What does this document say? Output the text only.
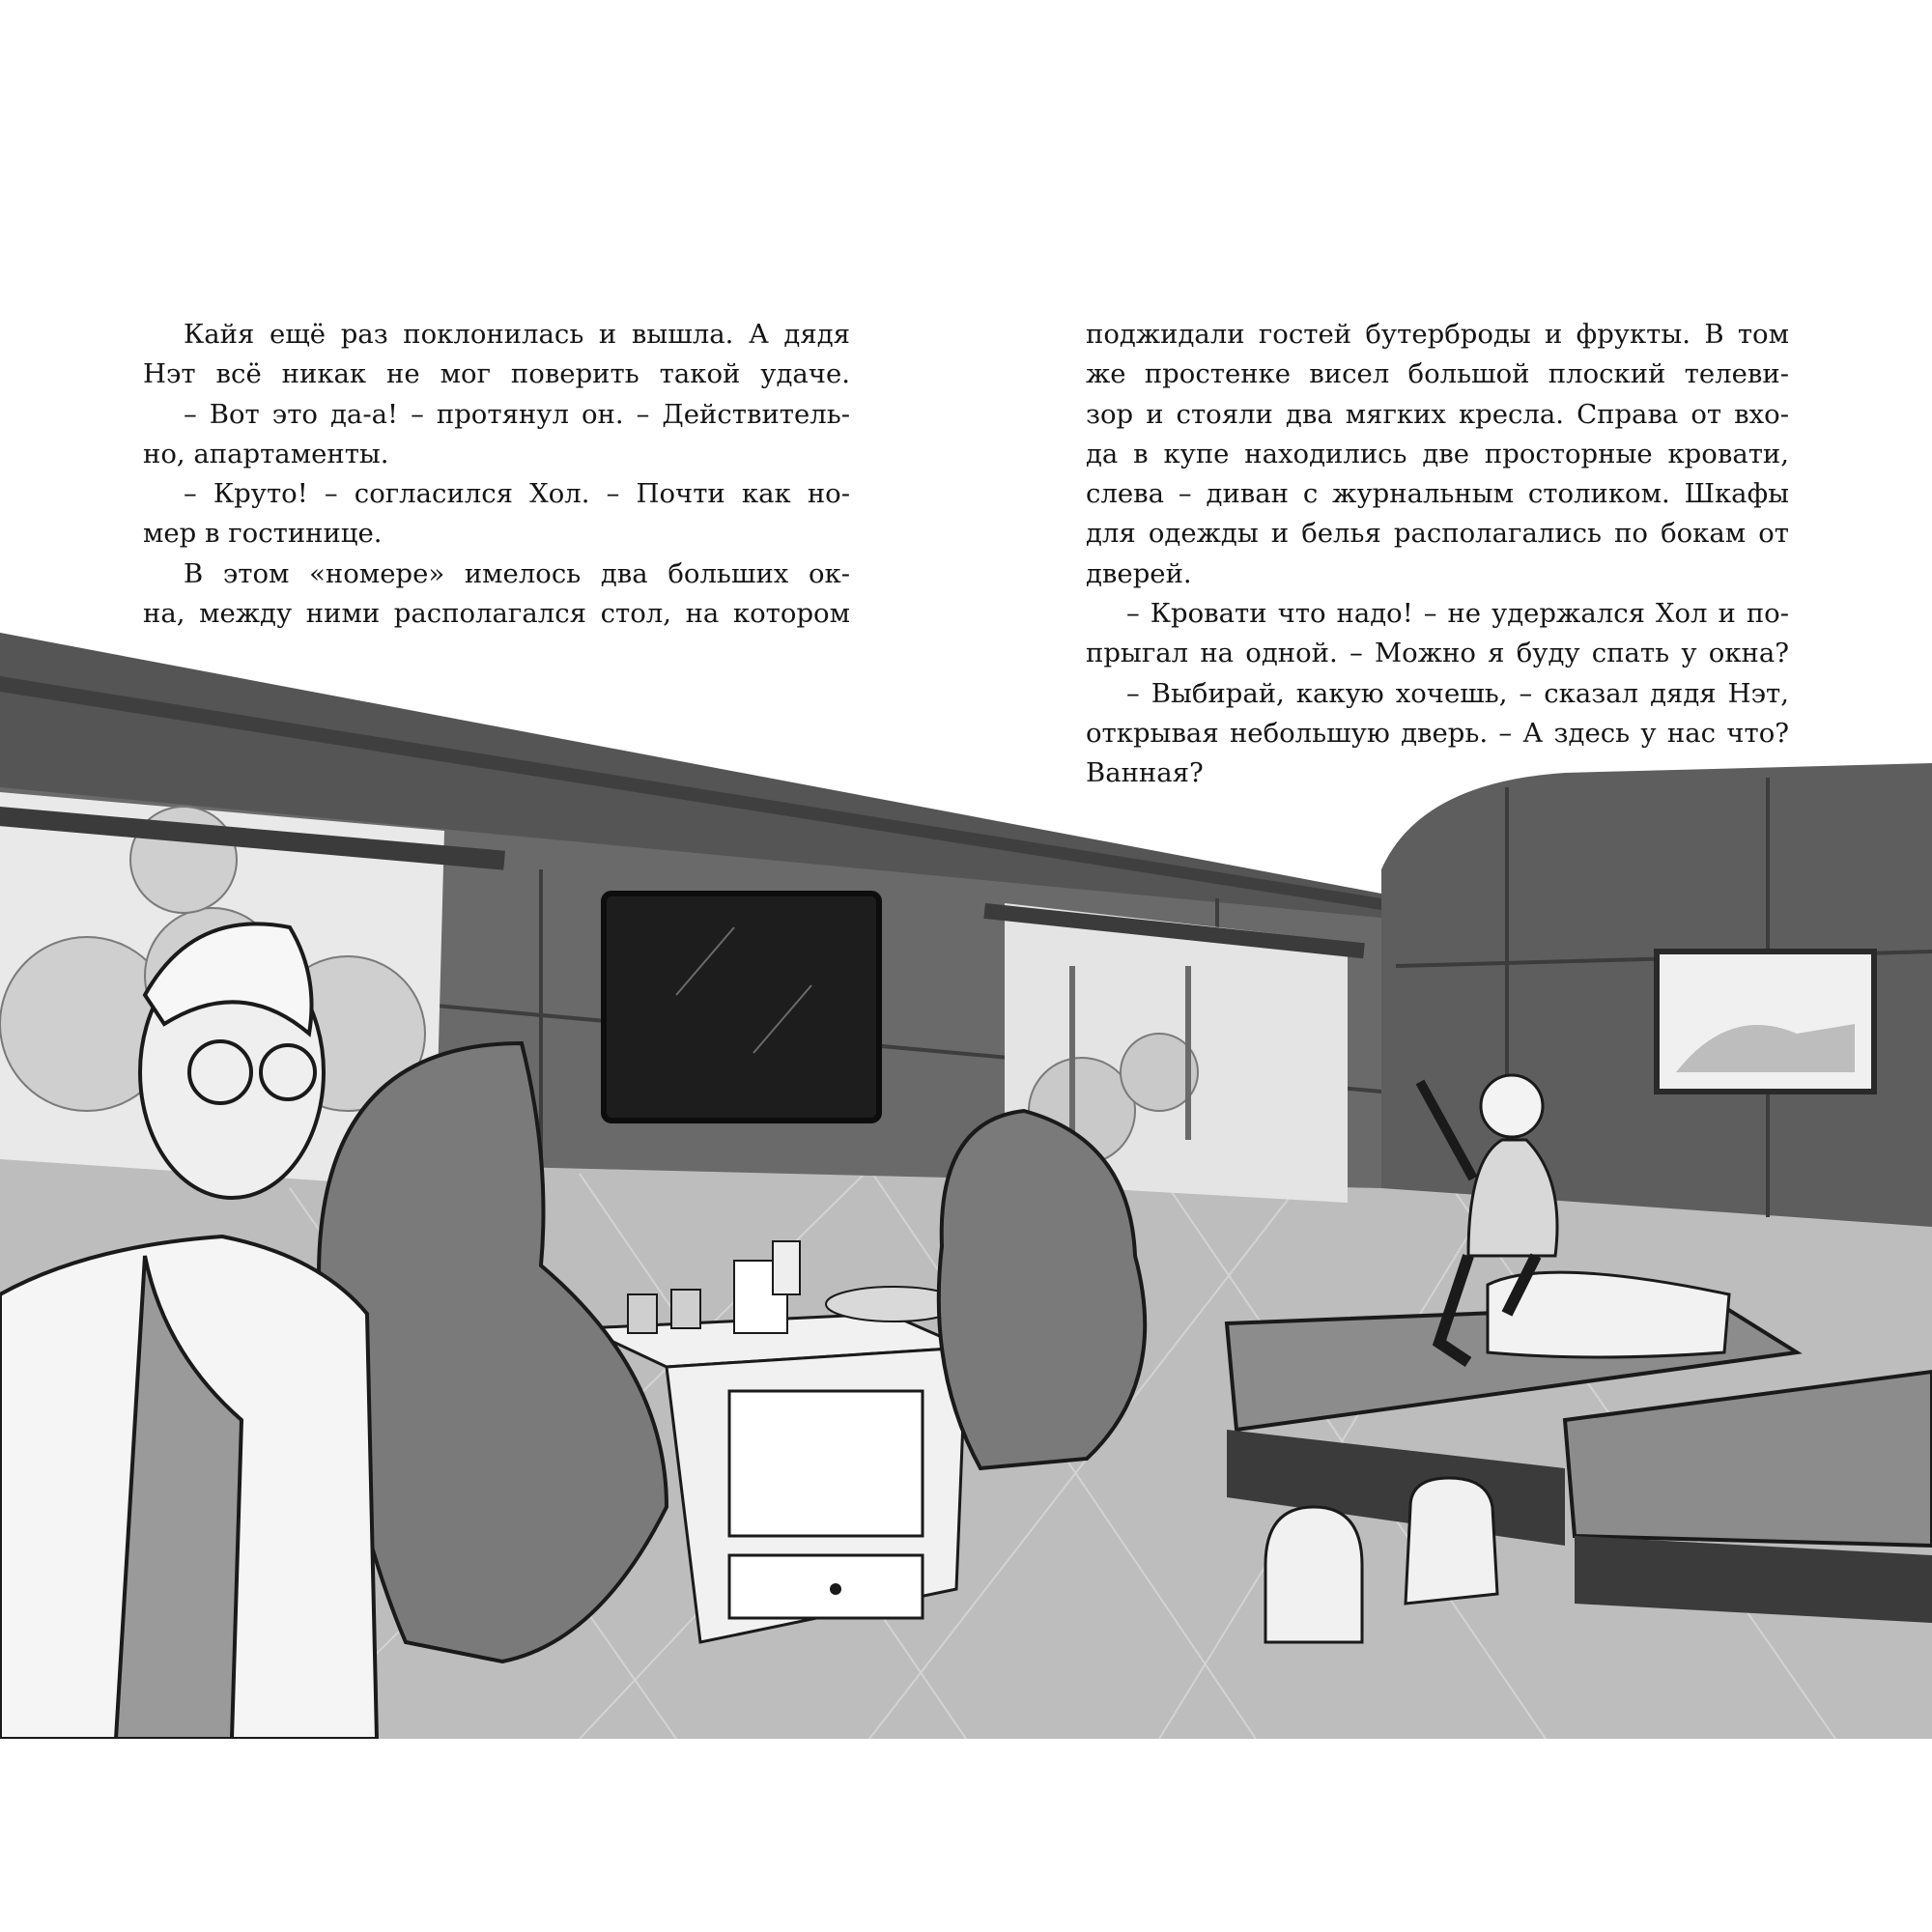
Кайя ещё раз поклонилась и вышла. А дядя
Нэт всё никак не мог поверить такой удаче.
– Вот это да-а! – протянул он. – Действитель-
но, апартаменты.
– Круто! – согласился Хол. – Почти как но-
мер в гостинице.
В этом «номере» имелось два больших ок-
на, между ними располагался стол, на котором
поджидали гостей бутерброды и фрукты. В том
же простенке висел большой плоский телеви-
зор и стояли два мягких кресла. Справа от вхо-
да в купе находились две просторные кровати,
слева – диван с журнальным столиком. Шкафы
для одежды и белья располагались по бокам от
дверей.
– Кровати что надо! – не удержался Хол и по-
прыгал на одной. – Можно я буду спать у окна?
– Выбирай, какую хочешь, – сказал дядя Нэт,
открывая небольшую дверь. – А здесь у нас что?
Ванная?
